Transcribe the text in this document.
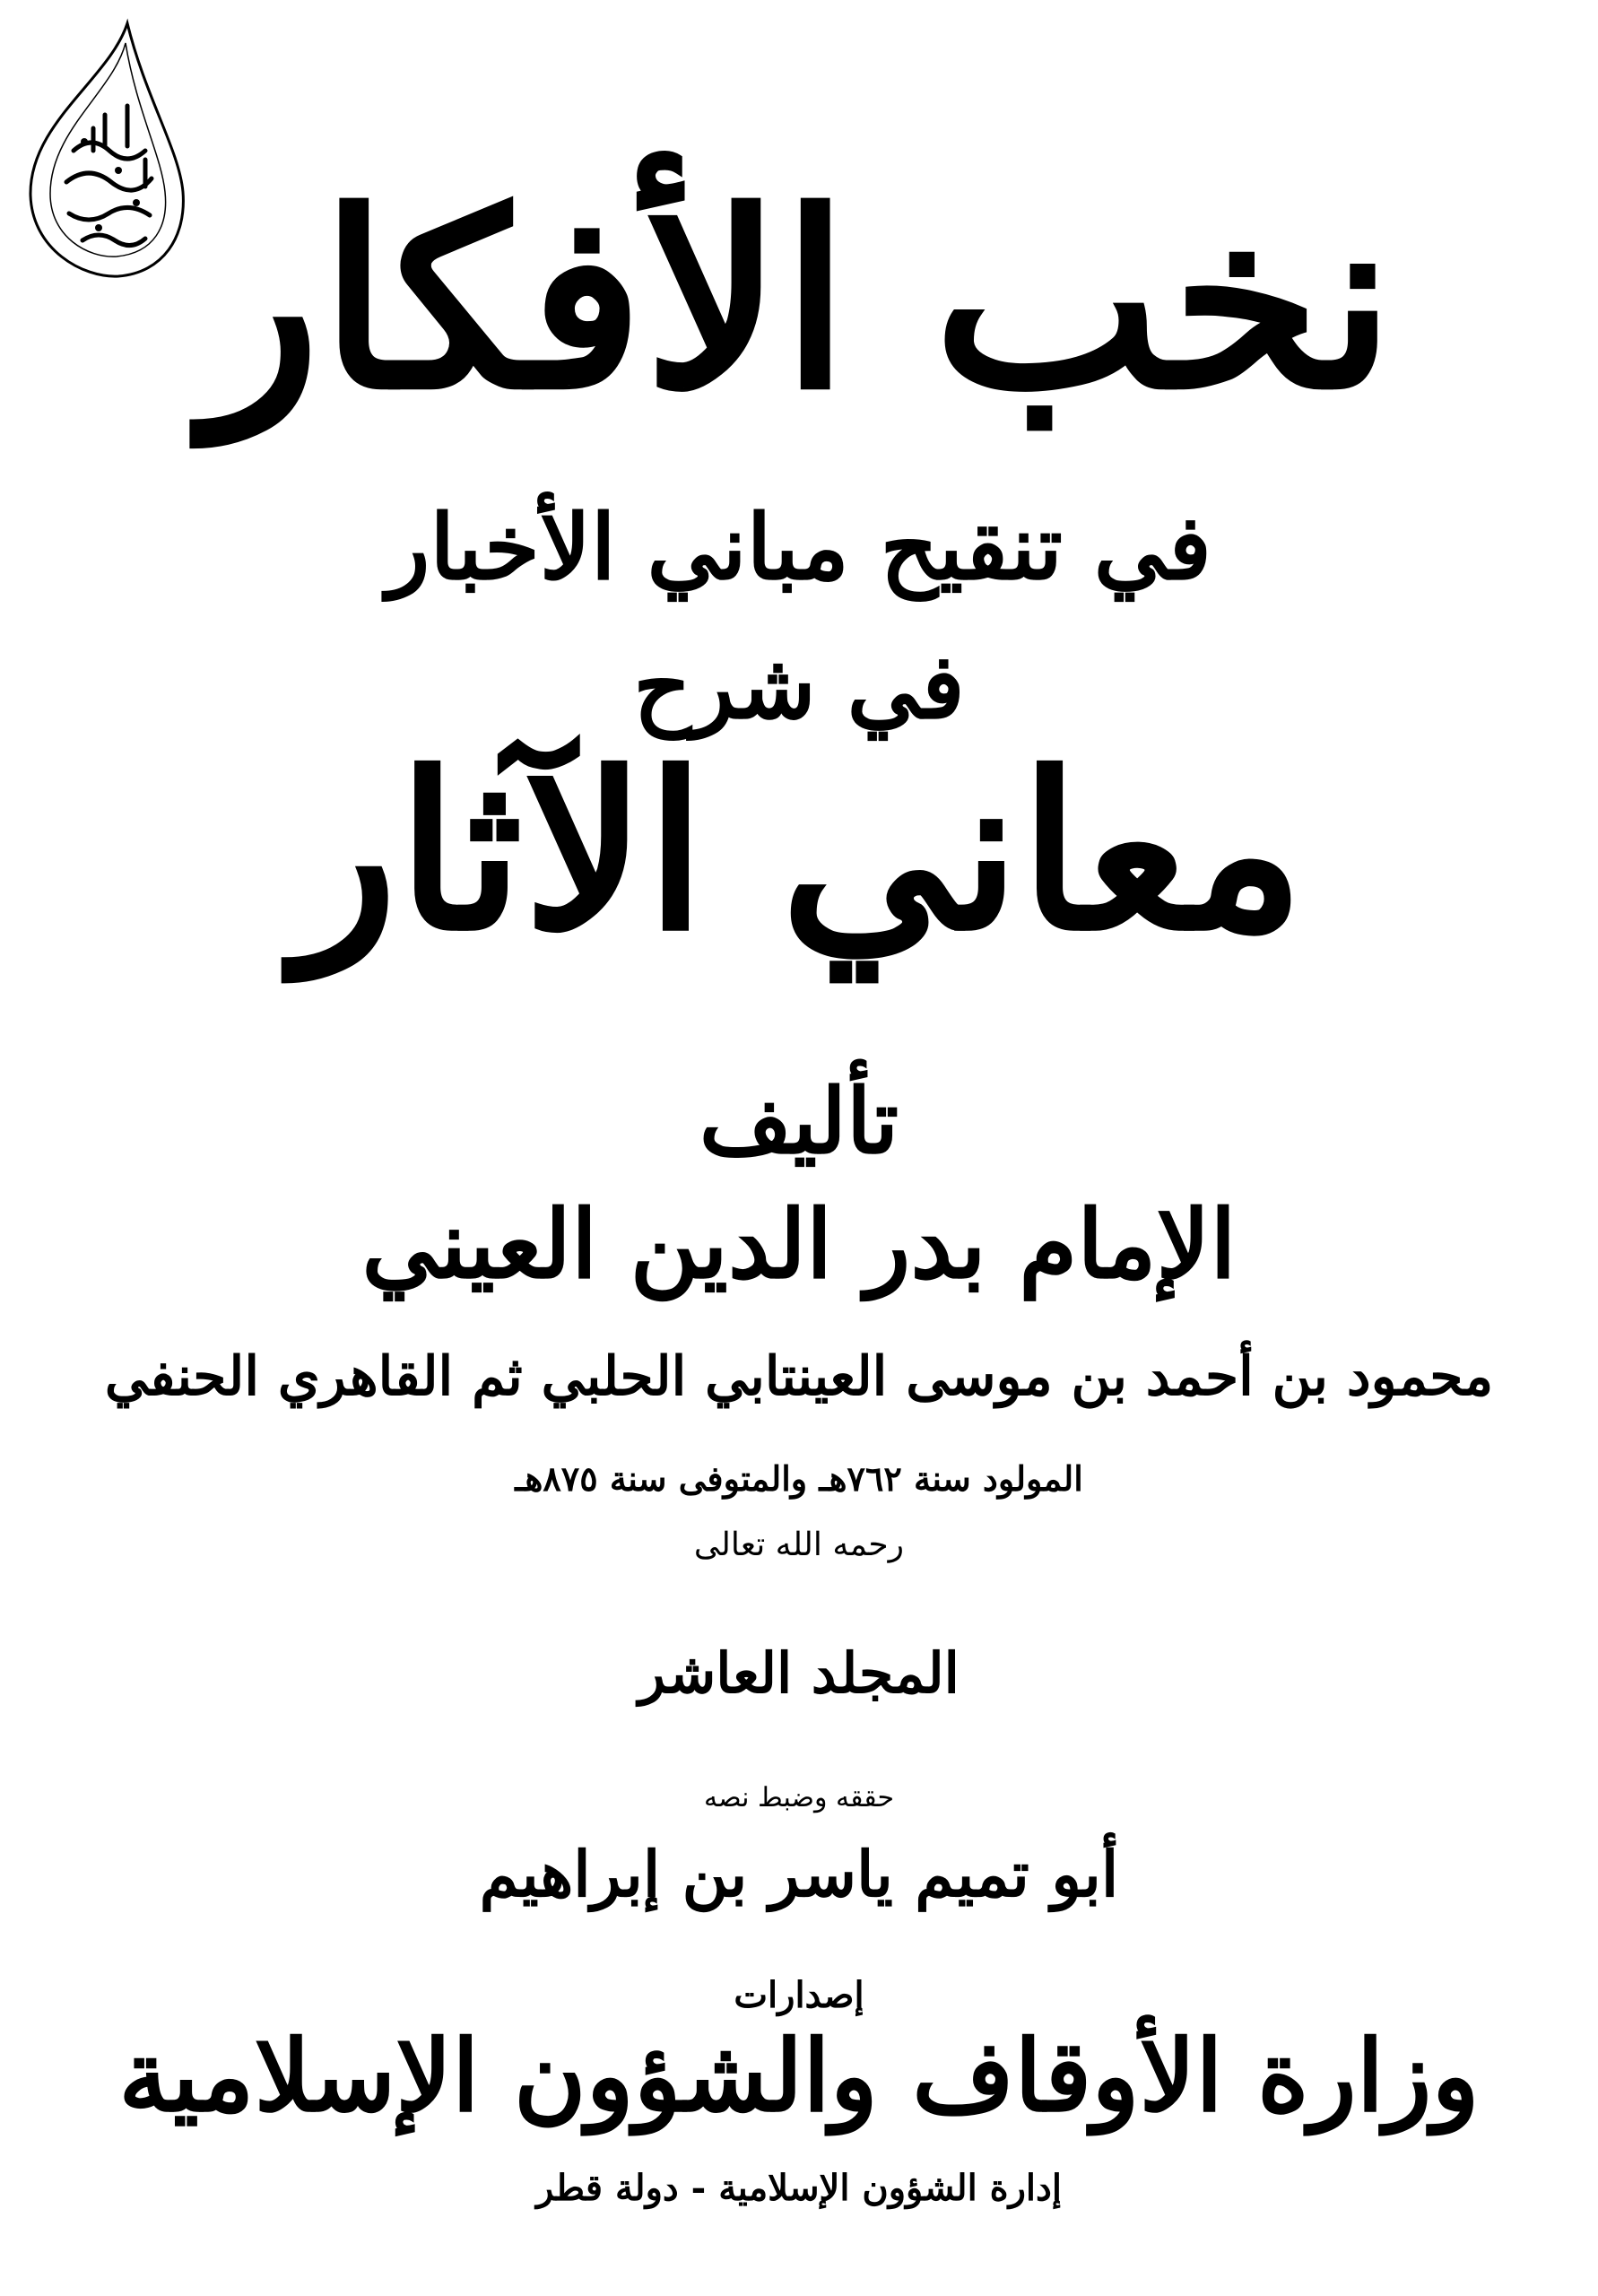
نخب الأفكار
في تنقيح مباني الأخبار
في شرح
معاني الآثار
تأليف
الإمام بدر الدين العيني
محمود بن أحمد بن موسى العينتابي الحلبي ثم القاهري الحنفي
المولود سنة ٧٦٢هـ والمتوفى سنة ٨٧٥هـ
رحمه الله تعالى
المجلد العاشر
حققه وضبط نصه
أبو تميم ياسر بن إبراهيم
إصدارات
وزارة الأوقاف والشؤون الإسلامية
إدارة الشؤون الإسلامية - دولة قطر
